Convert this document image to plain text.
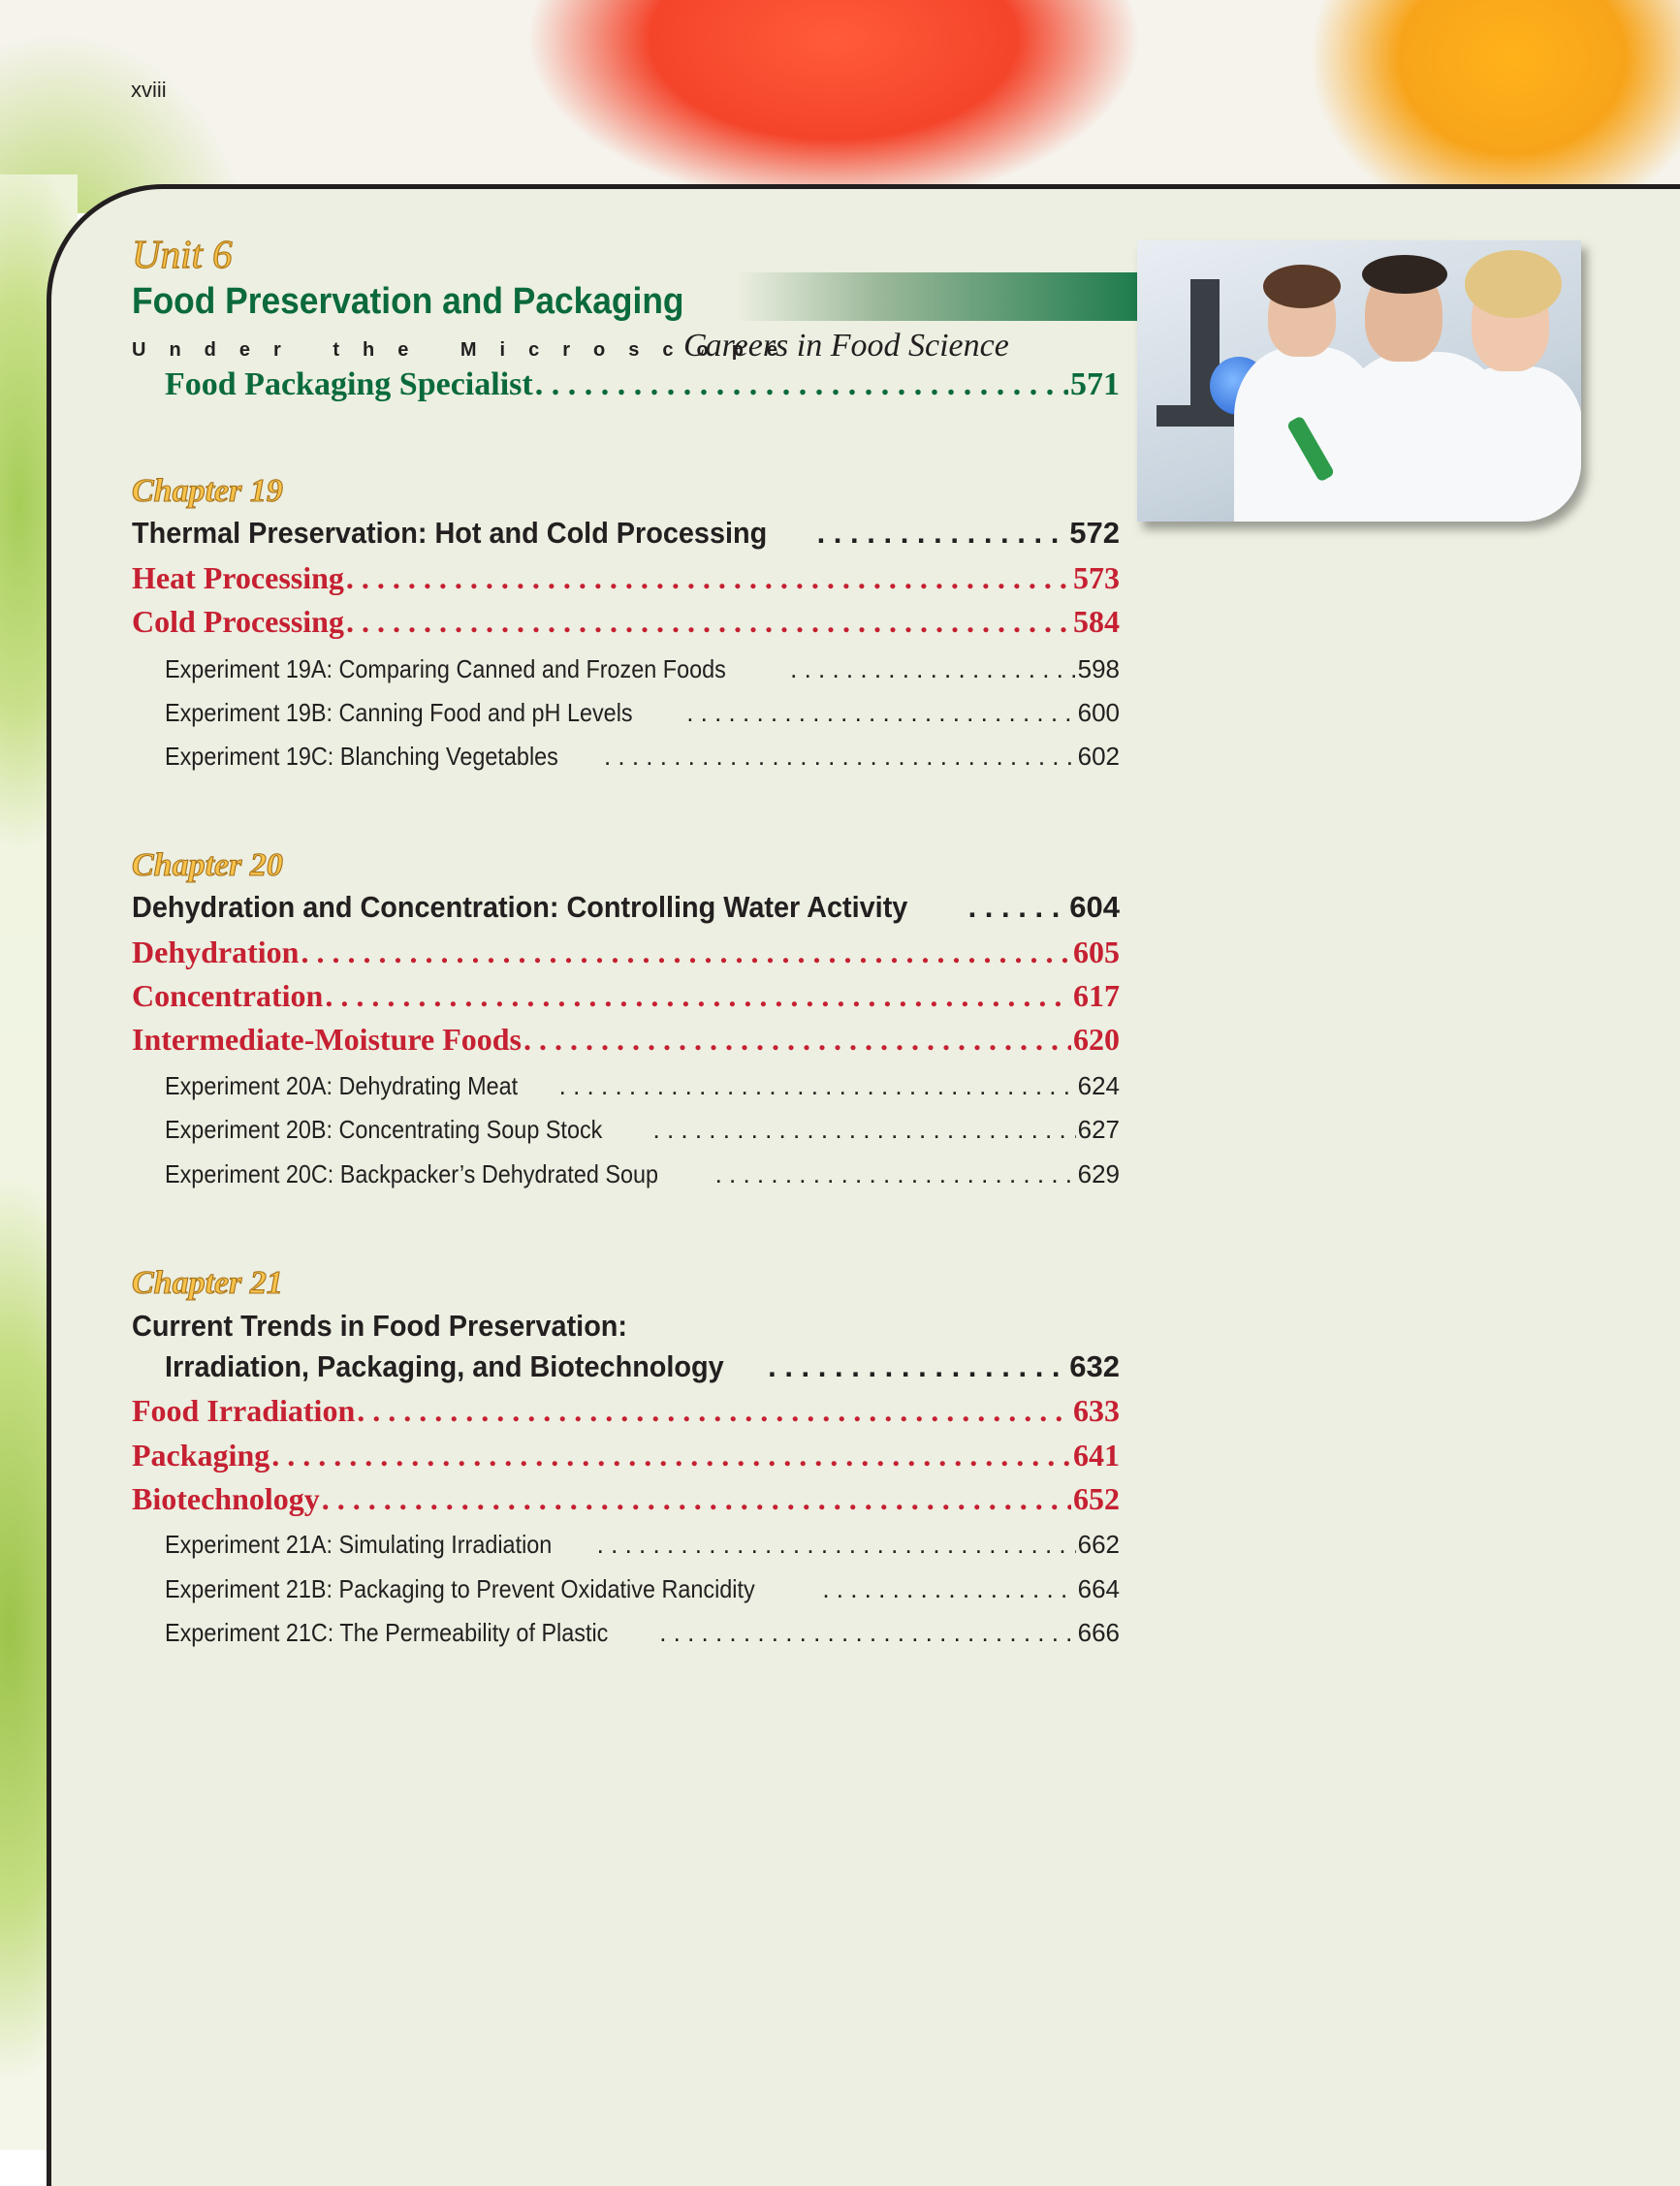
xviii
Unit 6
Food Preservation and Packaging
Under the Microscope
Careers in Food Science
Food Packaging Specialist . . .	571
Chapter 19
Thermal Preservation: Hot and Cold Processing . . .	572
Heat Processing . . .	573
Cold Processing . . .	584
Experiment 19A: Comparing Canned and Frozen Foods . . .	598
Experiment 19B: Canning Food and pH Levels . . .	600
Experiment 19C: Blanching Vegetables . . .	602
Chapter 20
Dehydration and Concentration: Controlling Water Activity . . .	604
Dehydration . . .	605
Concentration . . .	617
Intermediate-Moisture Foods . . .	620
Experiment 20A: Dehydrating Meat . . .	624
Experiment 20B: Concentrating Soup Stock . . .	627
Experiment 20C: Backpacker’s Dehydrated Soup . . .	629
Chapter 21
Current Trends in Food Preservation:
Irradiation, Packaging, and Biotechnology . . .	632
Food Irradiation . . .	633
Packaging . . .	641
Biotechnology . . .	652
Experiment 21A: Simulating Irradiation . . .	662
Experiment 21B: Packaging to Prevent Oxidative Rancidity . . .	664
Experiment 21C: The Permeability of Plastic . . .	666
